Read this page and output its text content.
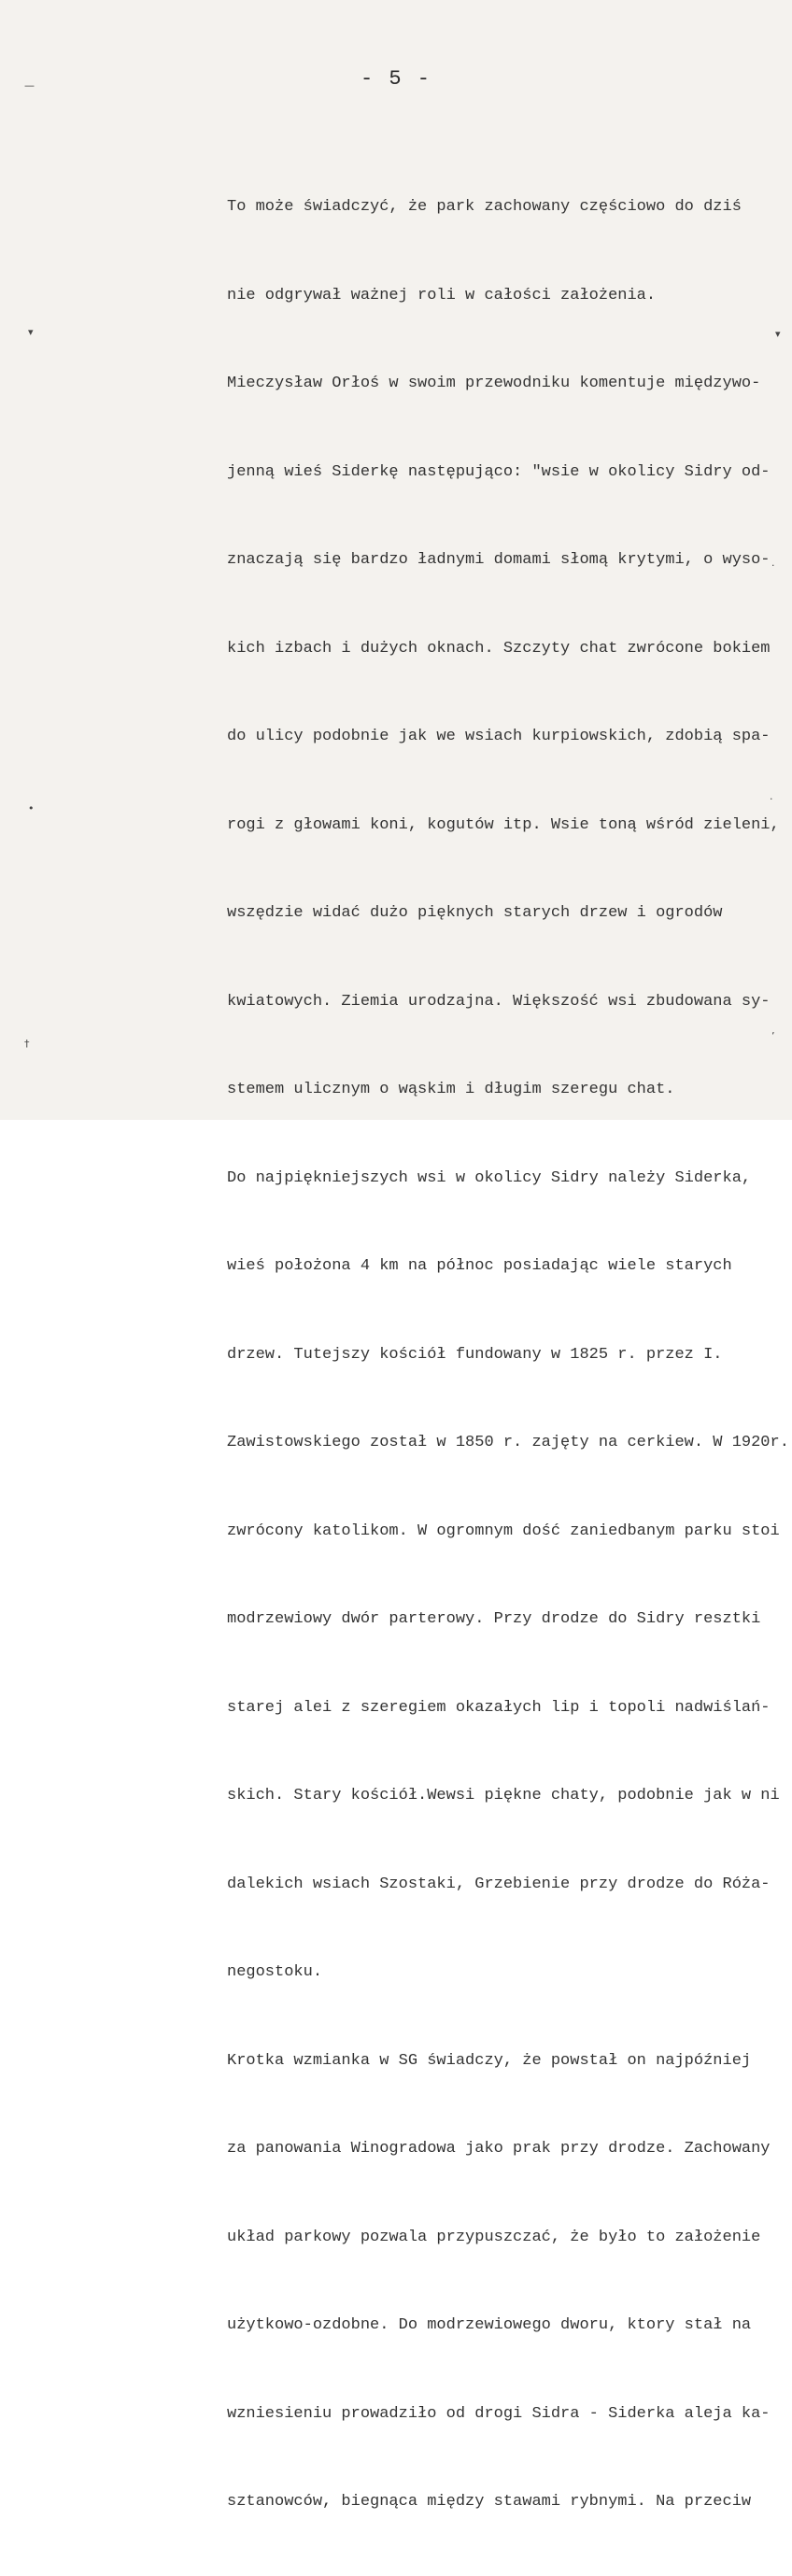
- 5 -

To może świadczyć, że park zachowany częściowo do dziś

nie odgrywał ważnej roli w całości założenia.

Mieczysław Orłoś w swoim przewodniku komentuje międzywo-

jenną wieś Siderkę następująco: "wsie w okolicy Sidry od-

znaczają się bardzo ładnymi domami słomą krytymi, o wyso-

kich izbach i dużych oknach. Szczyty chat zwrócone bokiem

do ulicy podobnie jak we wsiach kurpiowskich, zdobią spa-

rogi z głowami koni, kogutów itp. Wsie toną wśród zieleni,

wszędzie widać dużo pięknych starych drzew i ogrodów

kwiatowych. Ziemia urodzajna. Większość wsi zbudowana sy-

stemem ulicznym o wąskim i długim szeregu chat.

Do najpiękniejszych wsi w okolicy Sidry należy Siderka,

wieś położona 4 km na północ posiadając wiele starych

drzew. Tutejszy kościół fundowany w 1825 r. przez I.

Zawistowskiego został w 1850 r. zajęty na cerkiew. W 1920r.

zwrócony katolikom. W ogromnym dość zaniedbanym parku stoi

modrzewiowy dwór parterowy. Przy drodze do Sidry resztki

starej alei z szeregiem okazałych lip i topoli nadwiślań-

skich. Stary kościół.Wewsi piękne chaty, podobnie jak w ni

dalekich wsiach Szostaki, Grzebienie przy drodze do Róża-

negostoku.

Krotka wzmianka w SG świadczy, że powstał on najpóźniej

za panowania Winogradowa jako prak przy drodze. Zachowany

układ parkowy pozwala przypuszczać, że było to założenie

użytkowo-ozdobne. Do modrzewiowego dworu, ktory stał na

wzniesieniu prowadziło od drogi Sidra - Siderka aleja ka-

sztanowców, biegnąca między stawami rybnymi. Na przeciw

—
▾
•
†
▾
·
·
ʼ
